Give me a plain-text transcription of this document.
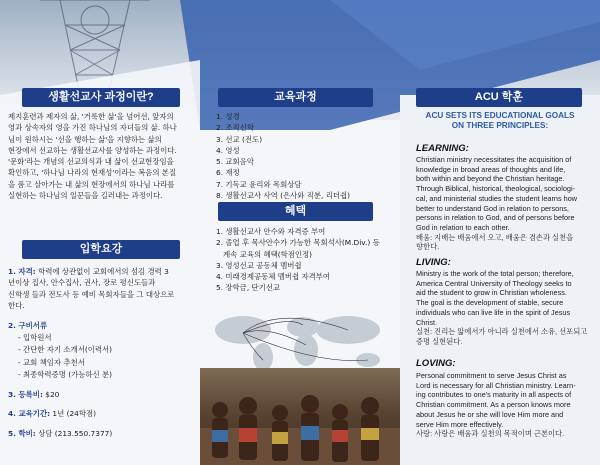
생활선교사 과정이란?
제지훈련과 제자의 삶, '거룩한 삶'을 넘어선, 앞자의
영과 상속자의 영을 가진 하나님의 자녀들의 삶. 하나
님이 원하시는 '선을 행하는 삶'을 지향하는 삶의
현장에서 선교하는 생활선교사를 양성하는 과정이다.
'문화'라는 개념의 선교의식과 내 삶이 선교현장임을
확인하고, '하나님 나라의 현재성'이라는 복음의 본질
을 품고 살아가는 내 삶의 현장에서의 하나님 나라를
실현하는 하나님의 일꾼들을 길러내는 과정이다.
입학요강
1. 자격: 학력에 상관없이 교회에서의 섬김 경력 3
년이상 집사, 안수집사, 권사, 장로 평신도들과
신학생 들과 전도사 등 예비 목회자들을 그 대상으로
한다.
2. 구비서류
- 입학원서
- 간단한 자기 소개서(이력서)
- 교회 책임자 추천서
- 최종학력증명 (가능하신 분)
3. 등록비: $20
4. 교육기간: 1년 (24학점)
5. 학비: 상담 (213.550.7377)
교육과정
1. 성경
2. 조직신학
3. 선교 (전도)
4. 영성
5. 교회음악
6. 재정
7. 기독교 윤리와 목회상담
8. 생활선교사 사역 (은사와 직분, 리더쉽)
혜택
1. 생활선교사 안수와 자격증 부여
2. 졸업 후 목사안수가 가능한 목회석사(M.Div.) 등
계속 교육의 혜택(학점인정)
3. 영성선교 공동체 멤버쉽
4. 미래경제공동체 멤버쉽 자격부여
5. 장학금, 단기선교
ACU 학훈
ACU SETS ITS EDUCATIONAL GOALS
ON THREE PRINCIPLES:
LEARNING:
Christian ministry necessitates the acquisition of
knowledge in broad areas of thoughts and life,
both within and beyond the Christian heritage.
Through Biblical, historical, theological, sociologi-
cal, and ministerial studies the student learns how
better to understand God in relation to persons,
persons in relation to God, and of persons before
God in relation to each other.
배움: 지배는 배움에서 오고, 배움은 겸손과 실천을
향한다.
LIVING:
Ministry is the work of the total person; therefore,
America Central University of Theology seeks to
aid the student to grow in Christian wholeness.
The goal is the development of stable, secure
individuals who can live life in the spirit of Jesus
Christ.
실천: 진리는 앎에서가 아니라 실천에서 소유, 선포되고
증명 실현된다.
LOVING:
Personal commitment to serve Jesus Christ as
Lord is necessary for all Christian ministry. Learn-
ing contributes to one's maturity in all aspects of
Christian commitment. As a person knows more
about Jesus he or she will love Him more and
serve Him more effectively.
사랑: 사랑은 배움과 실천의 목적이며 근본이다.
